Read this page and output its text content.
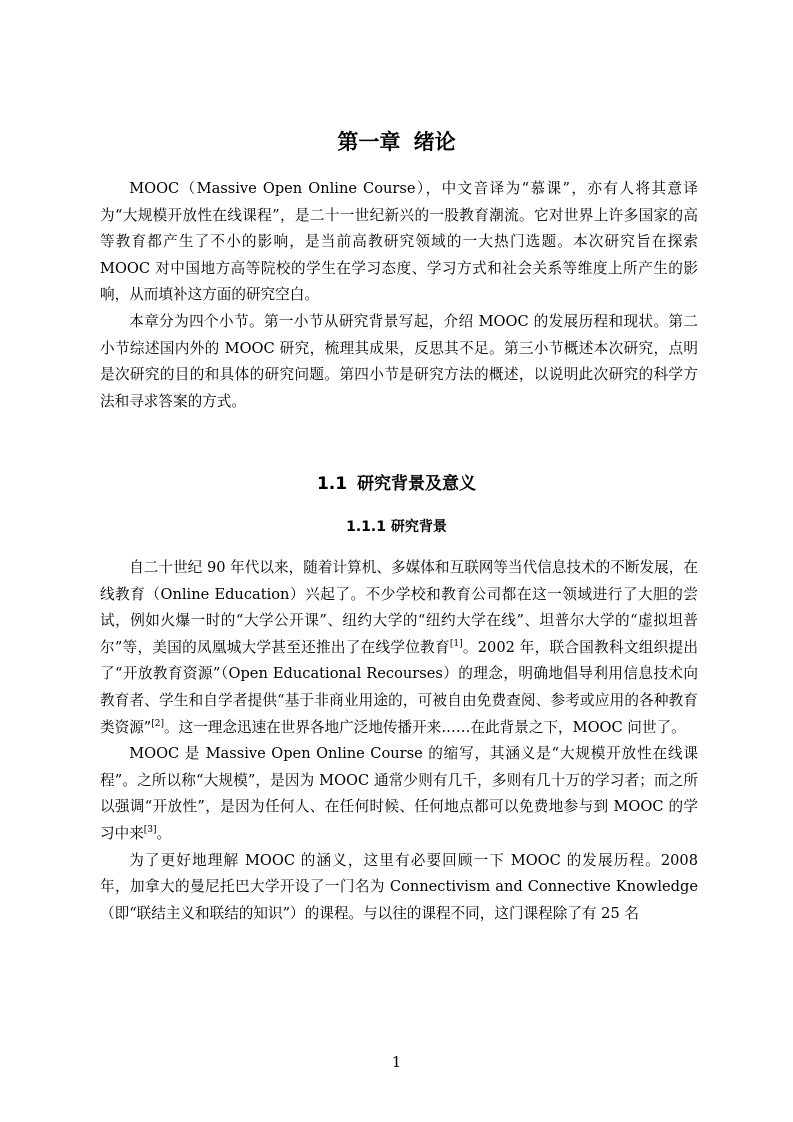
第一章 绪论

MOOC（Massive Open Online Course），中文音译为“慕课”，亦有人将其意译为“大规模开放性在线课程”，是二十一世纪新兴的一股教育潮流。它对世界上许多国家的高等教育都产生了不小的影响，是当前高教研究领域的一大热门选题。本次研究旨在探索 MOOC 对中国地方高等院校的学生在学习态度、学习方式和社会关系等维度上所产生的影响，从而填补这方面的研究空白。

本章分为四个小节。第一小节从研究背景写起，介绍 MOOC 的发展历程和现状。第二小节综述国内外的 MOOC 研究，梳理其成果，反思其不足。第三小节概述本次研究，点明是次研究的目的和具体的研究问题。第四小节是研究方法的概述，以说明此次研究的科学方法和寻求答案的方式。

1.1 研究背景及意义
1.1.1 研究背景

自二十世纪 90 年代以来，随着计算机、多媒体和互联网等当代信息技术的不断发展，在线教育（Online Education）兴起了。不少学校和教育公司都在这一领域进行了大胆的尝试，例如火爆一时的“大学公开课”、纽约大学的“纽约大学在线”、坦普尔大学的“虚拟坦普尔”等，美国的凤凰城大学甚至还推出了在线学位教育[1]。2002 年，联合国教科文组织提出了“开放教育资源”（Open Educational Recourses）的理念，明确地倡导利用信息技术向教育者、学生和自学者提供“基于非商业用途的，可被自由免费查阅、参考或应用的各种教育类资源”[2]。这一理念迅速在世界各地广泛地传播开来……在此背景之下，MOOC 问世了。

MOOC 是 Massive Open Online Course 的缩写，其涵义是“大规模开放性在线课程”。之所以称“大规模”，是因为 MOOC 通常少则有几千，多则有几十万的学习者；而之所以强调“开放性”，是因为任何人、在任何时候、任何地点都可以免费地参与到 MOOC 的学习中来[3]。

为了更好地理解 MOOC 的涵义，这里有必要回顾一下 MOOC 的发展历程。2008 年，加拿大的曼尼托巴大学开设了一门名为 Connectivism and Connective Knowledge（即“联结主义和联结的知识”）的课程。与以往的课程不同，这门课程除了有 25 名

1
